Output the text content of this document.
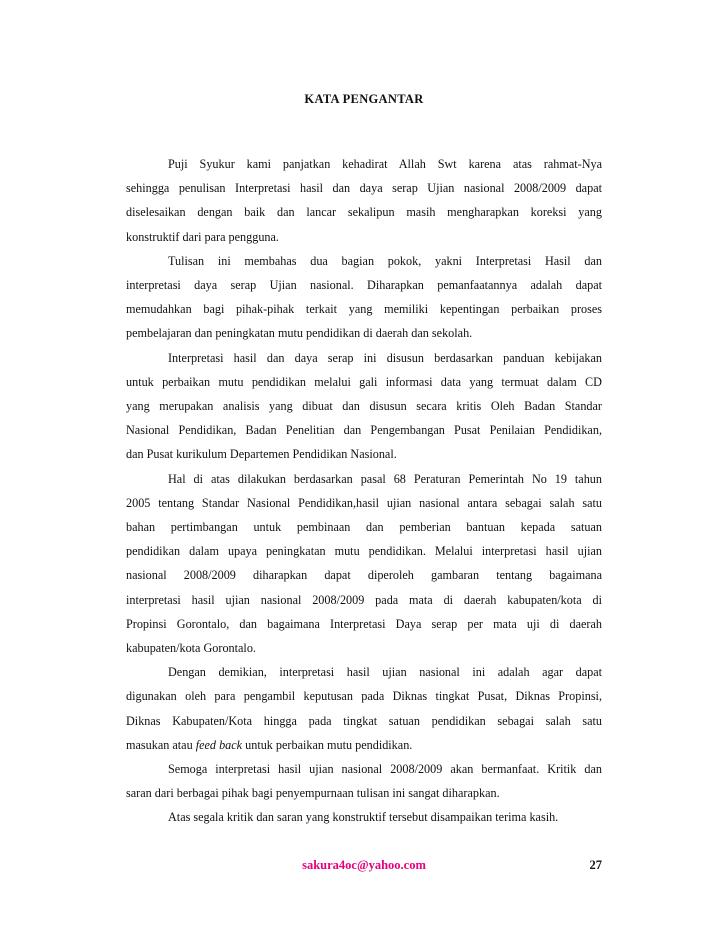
KATA PENGANTAR
Puji Syukur kami panjatkan kehadirat Allah Swt karena atas rahmat-Nya
sehingga penulisan Interpretasi hasil dan daya serap Ujian nasional 2008/2009 dapat
diselesaikan dengan baik dan lancar sekalipun masih mengharapkan koreksi yang
konstruktif dari para pengguna.
Tulisan ini membahas dua bagian pokok, yakni Interpretasi Hasil dan
interpretasi daya serap Ujian nasional. Diharapkan pemanfaatannya adalah dapat
memudahkan bagi pihak-pihak terkait yang memiliki kepentingan perbaikan proses
pembelajaran dan peningkatan mutu pendidikan di daerah dan sekolah.
Interpretasi hasil dan daya serap ini disusun berdasarkan panduan kebijakan
untuk perbaikan mutu pendidikan melalui gali informasi data yang termuat dalam CD
yang merupakan analisis yang dibuat dan disusun secara kritis Oleh Badan Standar
Nasional Pendidikan, Badan Penelitian dan Pengembangan Pusat Penilaian Pendidikan,
dan Pusat kurikulum Departemen Pendidikan Nasional.
Hal di atas dilakukan berdasarkan pasal 68 Peraturan Pemerintah No 19 tahun
2005 tentang Standar Nasional Pendidikan,hasil ujian nasional antara sebagai salah satu
bahan pertimbangan untuk pembinaan dan pemberian bantuan kepada satuan
pendidikan dalam upaya peningkatan mutu pendidikan. Melalui interpretasi hasil ujian
nasional 2008/2009 diharapkan dapat diperoleh gambaran tentang bagaimana
interpretasi hasil ujian nasional 2008/2009 pada mata di daerah kabupaten/kota di
Propinsi Gorontalo, dan bagaimana Interpretasi Daya serap per mata uji di daerah
kabupaten/kota Gorontalo.
Dengan demikian, interpretasi hasil ujian nasional ini adalah agar dapat
digunakan oleh para pengambil keputusan pada Diknas tingkat Pusat, Diknas Propinsi,
Diknas Kabupaten/Kota hingga pada tingkat satuan pendidikan sebagai salah satu
masukan atau feed back untuk perbaikan mutu pendidikan.
Semoga interpretasi hasil ujian nasional 2008/2009 akan bermanfaat. Kritik dan
saran dari berbagai pihak bagi penyempurnaan tulisan ini sangat diharapkan.
Atas segala kritik dan saran yang konstruktif tersebut disampaikan terima kasih.
sakura4oc@yahoo.com	27
